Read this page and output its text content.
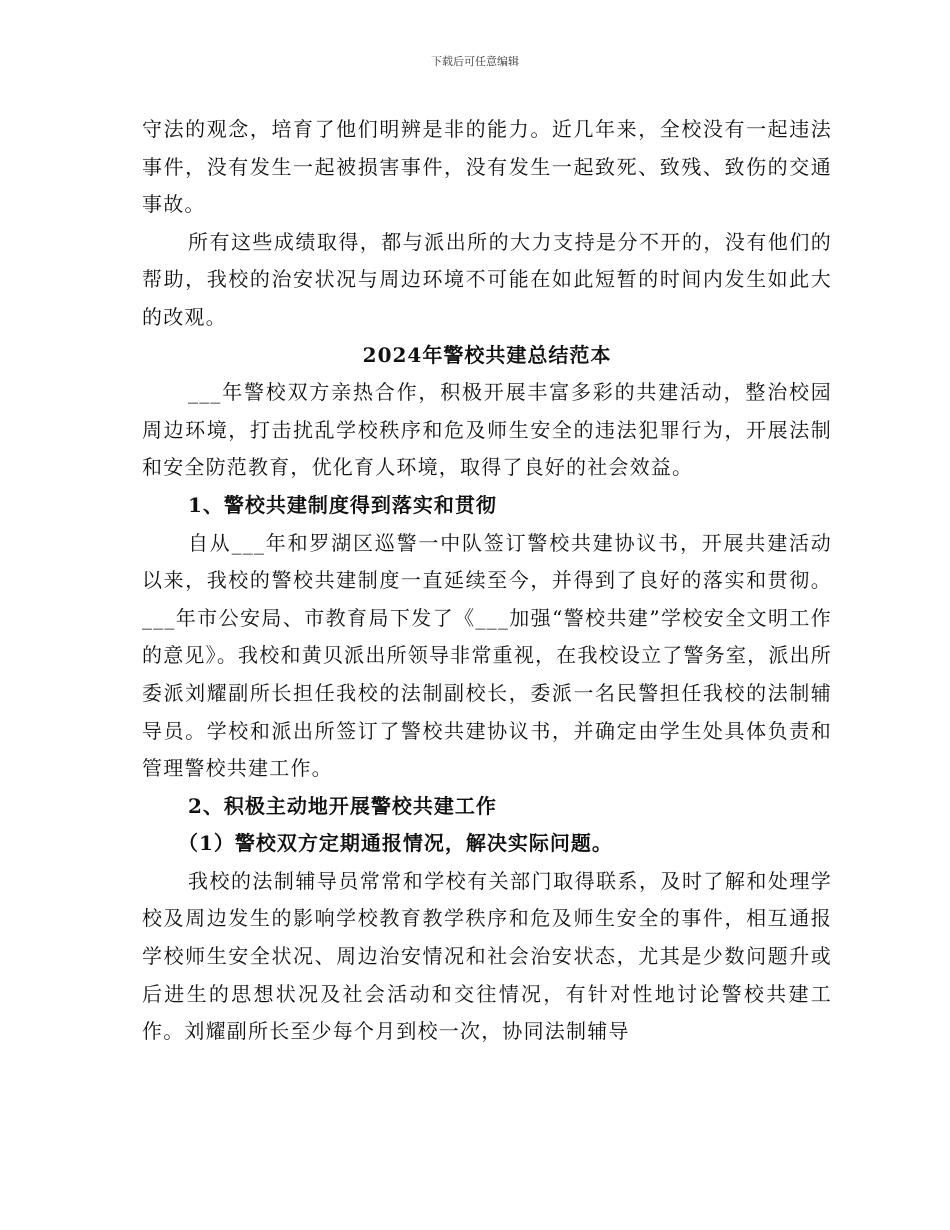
下载后可任意编辑

守法的观念，培育了他们明辨是非的能力。近几年来，全校没有一起违法事件，没有发生一起被损害事件，没有发生一起致死、致残、致伤的交通事故。

所有这些成绩取得，都与派出所的大力支持是分不开的，没有他们的帮助，我校的治安状况与周边环境不可能在如此短暂的时间内发生如此大的改观。

2024年警校共建总结范本

___年警校双方亲热合作，积极开展丰富多彩的共建活动，整治校园周边环境，打击扰乱学校秩序和危及师生安全的违法犯罪行为，开展法制和安全防范教育，优化育人环境，取得了良好的社会效益。

1、警校共建制度得到落实和贯彻

自从___年和罗湖区巡警一中队签订警校共建协议书，开展共建活动以来，我校的警校共建制度一直延续至今，并得到了良好的落实和贯彻。___年市公安局、市教育局下发了《___加强“警校共建”学校安全文明工作的意见》。我校和黄贝派出所领导非常重视，在我校设立了警务室，派出所委派刘耀副所长担任我校的法制副校长，委派一名民警担任我校的法制辅导员。学校和派出所签订了警校共建协议书，并确定由学生处具体负责和管理警校共建工作。

2、积极主动地开展警校共建工作

（1）警校双方定期通报情况，解决实际问题。

我校的法制辅导员常常和学校有关部门取得联系，及时了解和处理学校及周边发生的影响学校教育教学秩序和危及师生安全的事件，相互通报学校师生安全状况、周边治安情况和社会治安状态，尤其是少数问题升或后进生的思想状况及社会活动和交往情况，有针对性地讨论警校共建工作。刘耀副所长至少每个月到校一次，协同法制辅导
